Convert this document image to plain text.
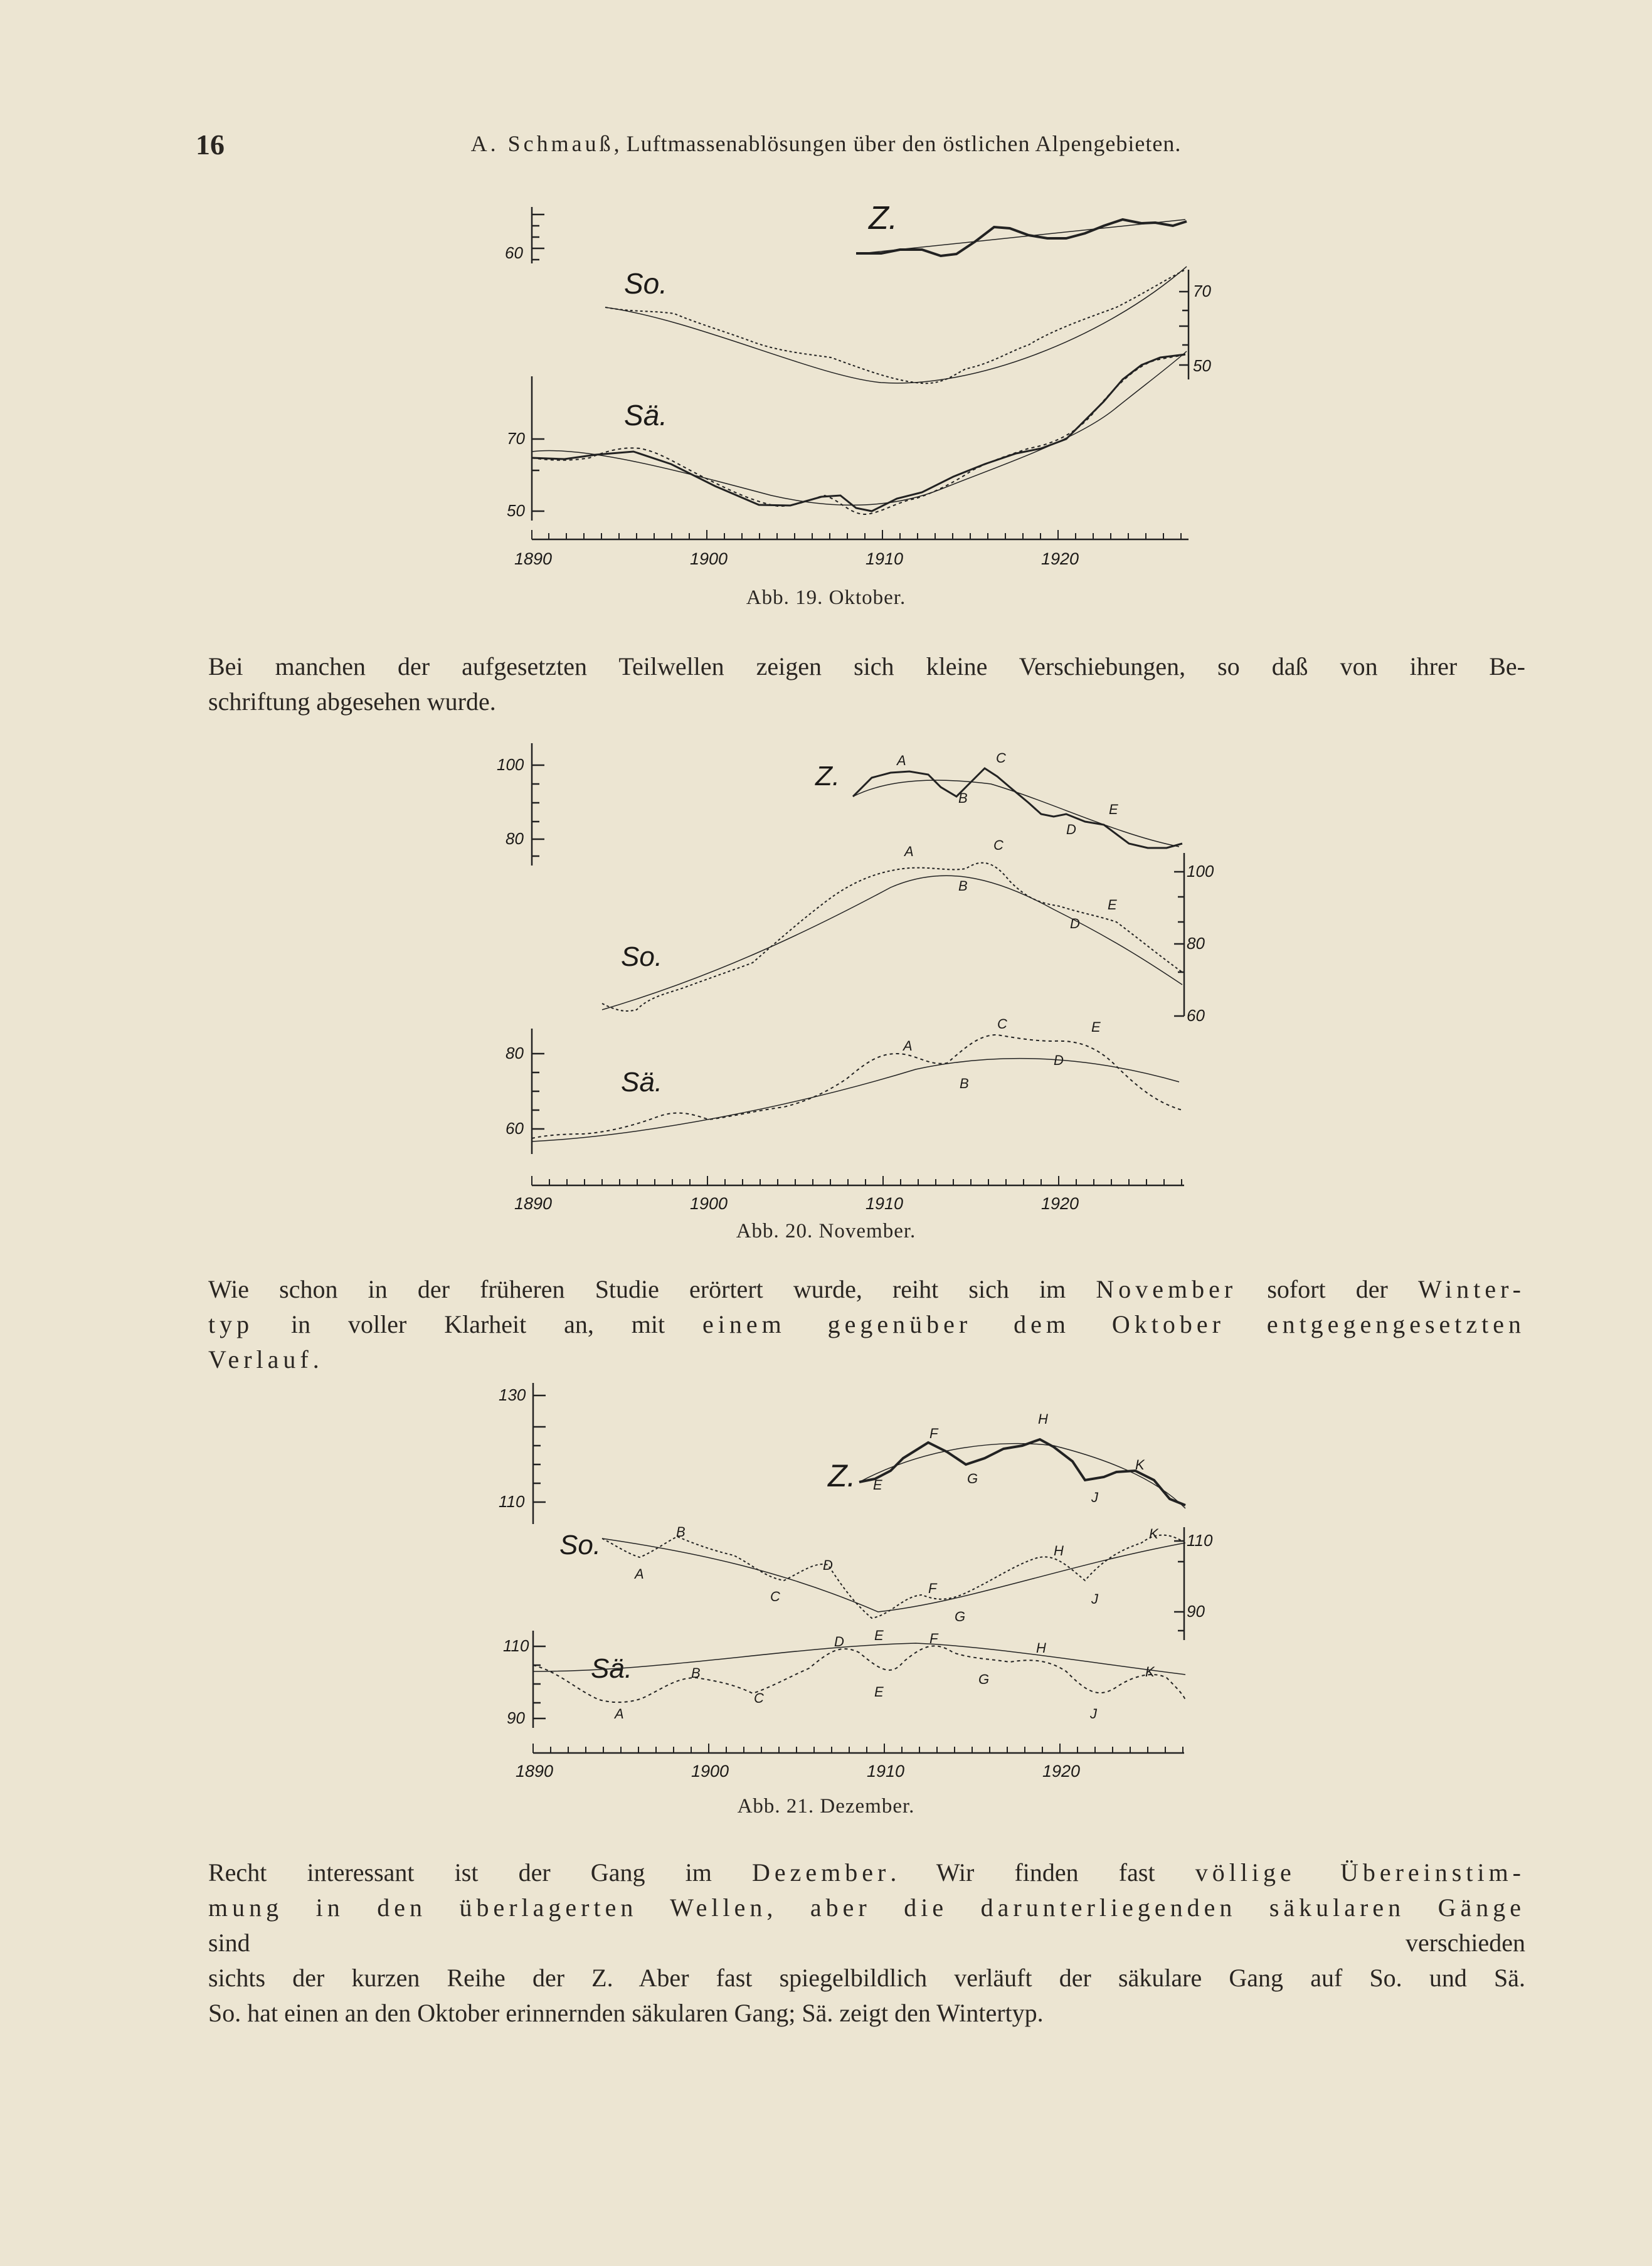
16	A. Schmauß, Luftmassenablösungen über den östlichen Alpengebieten.
1890	1900	1910	1920
60
70
50
70
50
Z.
So.
Sä.
Abb. 19. Oktober.
Bei manchen der aufgesetzten Teilwellen zeigen sich kleine Verschiebungen, so daß von ihrer Be-
schriftung abgesehen wurde.
1890	1900	1910	1920
100
80
100
80
60
80
60
Z.
So.
Sä.
A
B
C
D
E
A
B
C
D
E
A
B
C
D
E
Abb. 20. November.
Wie schon in der früheren Studie erörtert wurde, reiht sich im November sofort der Winter-
typ in voller Klarheit an, mit einem gegenüber dem Oktober entgegengesetzten
Verlauf.
1890	1900	1910	1920
130
110
110
90
110
90
Z.
So.
Sä.
E
F
G
H
J
K
A
B
C
D
E
F
G
H
J
K
A
B
C
D
E
F
G
H
J
K
Abb. 21. Dezember.
Recht interessant ist der Gang im Dezember. Wir finden fast völlige Übereinstim-
mung in den überlagerten Wellen, aber die darunterliegenden säkularen Gänge
sind verschieden
sichts der kurzen Reihe der Z. Aber fast spiegelbildlich verläuft der säkulare Gang auf So. und Sä.
So. hat einen an den Oktober erinnernden säkularen Gang; Sä. zeigt den Wintertyp.
